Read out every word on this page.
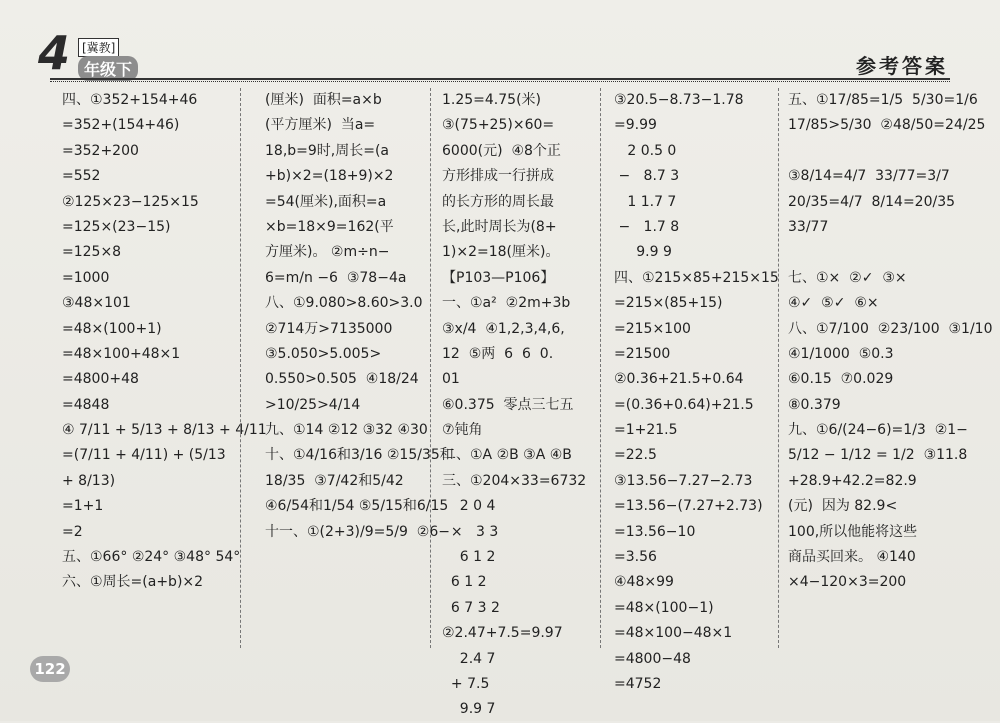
4 [冀教]
年级下	参考答案
四、①352+154+46
=352+(154+46)
=352+200
=552
②125×23−125×15
=125×(23−15)
=125×8
=1000
③48×101
=48×(100+1)
=48×100+48×1
=4800+48
=4848
④ 7/11 + 5/13 + 8/13 + 4/11
=(7/11 + 4/11) + (5/13
+ 8/13)
=1+1
=2
五、①66° ②24° ③48° 54°
六、①周长=(a+b)×2
(厘米)  面积=a×b
(平方厘米)  当a=
18,b=9时,周长=(a
+b)×2=(18+9)×2
=54(厘米),面积=a
×b=18×9=162(平
方厘米)。 ②m÷n−
6=m/n −6  ③78−4a
八、①9.080>8.60>3.0
②714万>7135000
③5.050>5.005>
0.550>0.505  ④18/24
>10/25>4/14
九、①14 ②12 ③32 ④30
十、①4/16和3/16 ②15/35和
18/35  ③7/42和5/42
④6/54和1/54 ⑤5/15和6/15
十一、①(2+3)/9=5/9  ②6−
1.25=4.75(米)
③(75+25)×60=
6000(元)  ④8个正
方形排成一行拼成
的长方形的周长最
长,此时周长为(8+
1)×2=18(厘米)。
【P103—P106】
一、①a²  ②2m+3b
③x/4  ④1,2,3,4,6,
12  ⑤两  6  6  0.
01
⑥0.375  零点三七五
⑦钝角
二、①A ②B ③A ④B
三、①204×33=6732
2 0 4
×   3 3
6 1 2
6 1 2
6 7 3 2
②2.47+7.5=9.97
2.4 7
+ 7.5
9.9 7
③20.5−8.73−1.78
=9.99
2 0.5 0
−   8.7 3
1 1.7 7
−   1.7 8
9.9 9
四、①215×85+215×15
=215×(85+15)
=215×100
=21500
②0.36+21.5+0.64
=(0.36+0.64)+21.5
=1+21.5
=22.5
③13.56−7.27−2.73
=13.56−(7.27+2.73)
=13.56−10
=3.56
④48×99
=48×(100−1)
=48×100−48×1
=4800−48
=4752
五、①17/85=1/5  5/30=1/6
17/85>5/30  ②48/50=24/25
③8/14=4/7  33/77=3/7
20/35=4/7  8/14=20/35
33/77
七、①×  ②✓  ③×
④✓  ⑤✓  ⑥×
八、①7/100  ②23/100  ③1/10
④1/1000  ⑤0.3
⑥0.15  ⑦0.029
⑧0.379
九、①6/(24−6)=1/3  ②1−
5/12 − 1/12 = 1/2  ③11.8
+28.9+42.2=82.9
(元)  因为 82.9<
100,所以他能将这些
商品买回来。 ④140
×4−120×3=200
122
